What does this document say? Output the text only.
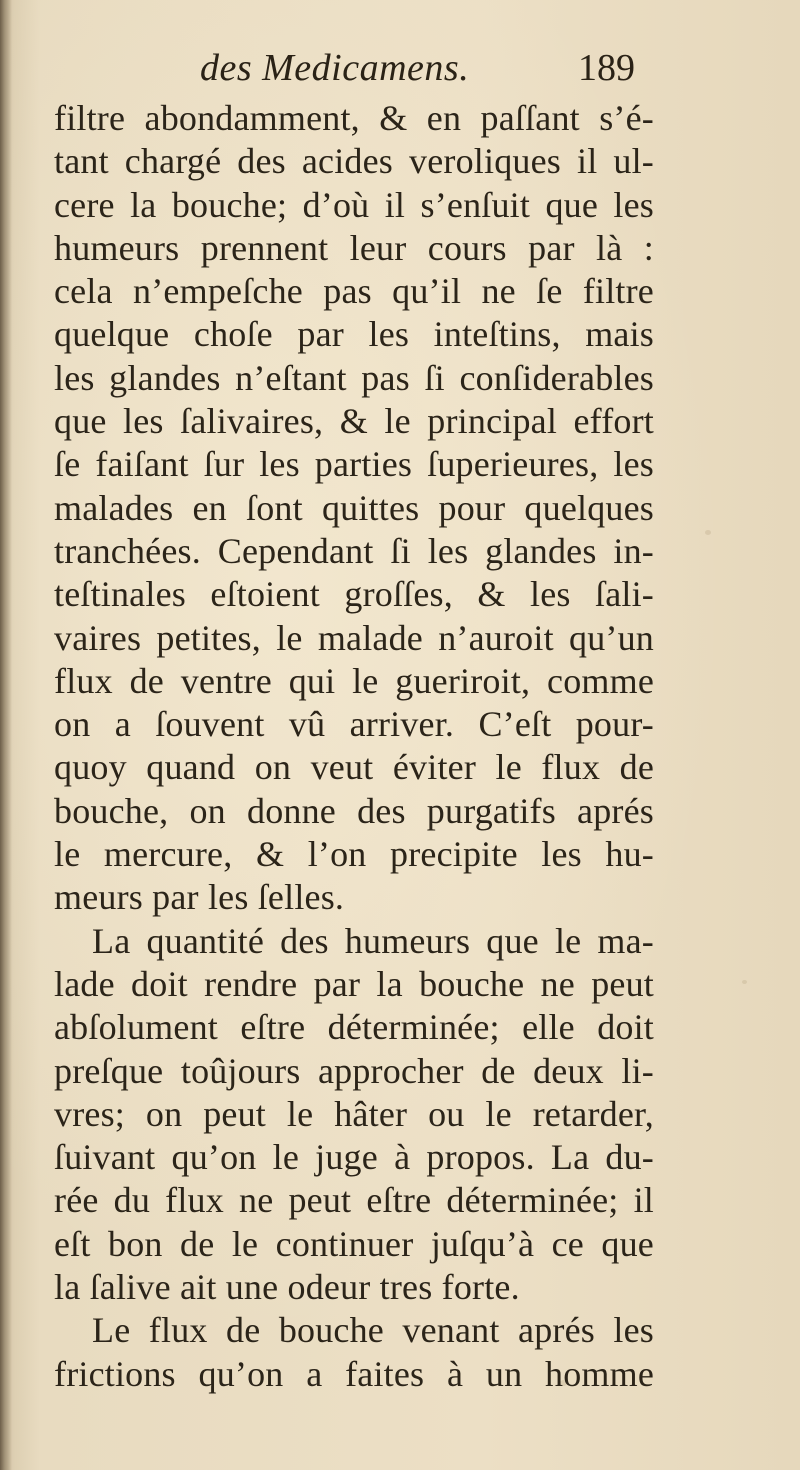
des Medicamens.	189
filtre abondamment, & en paſſant s’é-
tant chargé des acides veroliques il ul-
cere la bouche; d’où il s’enſuit que les
humeurs prennent leur cours par là :
cela n’empeſche pas qu’il ne ſe filtre
quelque choſe par les inteſtins, mais
les glandes n’eſtant pas ſi conſiderables
que les ſalivaires, & le principal effort
ſe faiſant ſur les parties ſuperieures, les
malades en ſont quittes pour quelques
tranchées. Cependant ſi les glandes in-
teſtinales eſtoient groſſes, & les ſali-
vaires petites, le malade n’auroit qu’un
flux de ventre qui le gueriroit, comme
on a ſouvent vû arriver. C’eſt pour-
quoy quand on veut éviter le flux de
bouche, on donne des purgatifs aprés
le mercure, & l’on precipite les hu-
meurs par les ſelles.
La quantité des humeurs que le ma-
lade doit rendre par la bouche ne peut
abſolument eſtre déterminée; elle doit
preſque toûjours approcher de deux li-
vres; on peut le hâter ou le retarder,
ſuivant qu’on le juge à propos. La du-
rée du flux ne peut eſtre déterminée; il
eſt bon de le continuer juſqu’à ce que
la ſalive ait une odeur tres forte.
Le flux de bouche venant aprés les
frictions qu’on a faites à un homme
